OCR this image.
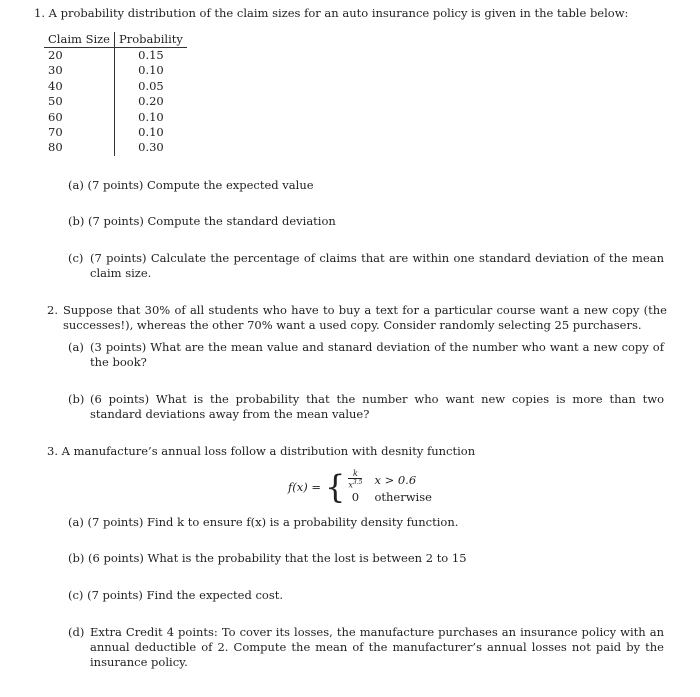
1. A probability distribution of the claim sizes for an auto insurance policy is given in the table below:
Claim Size	Probability
20	0.15
30	0.10
40	0.05
50	0.20
60	0.10
70	0.10
80	0.30
(a) (7 points) Compute the expected value
(b) (7 points) Compute the standard deviation
(c) (7 points) Calculate the percentage of claims that are within one standard deviation of the mean claim size.
2. Suppose that 30% of all students who have to buy a text for a particular course want a new copy (the successes!), whereas the other 70% want a used copy. Consider randomly selecting 25 purchasers.
(a) (3 points) What are the mean value and stanard deviation of the number who want a new copy of the book?
(b) (6 points) What is the probability that the number who want new copies is more than two standard deviations away from the mean value?
3. A manufacture’s annual loss follow a distribution with desnity function
f(x) = { $\frac{k}{x^{3.5}}$ x > 0.6
0 otherwise
(a) (7 points) Find k to ensure f(x) is a probability density function.
(b) (6 points) What is the probability that the lost is between 2 to 15
(c) (7 points) Find the expected cost.
(d) Extra Credit 4 points: To cover its losses, the manufacture purchases an insurance policy with an annual deductible of 2. Compute the mean of the manufacturer’s annual losses not paid by the insurance policy.
